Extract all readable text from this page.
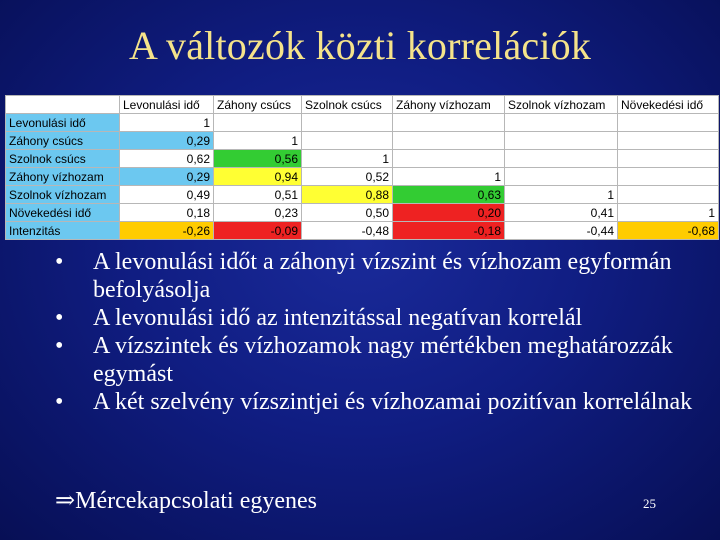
A változók közti korrelációk
	Levonulási idő	Záhony csúcs	Szolnok csúcs	Záhony vízhozam	Szolnok vízhozam	Növekedési idő
Levonulási idő	1					
Záhony csúcs	0,29	1				
Szolnok csúcs	0,62	0,56	1			
Záhony vízhozam	0,29	0,94	0,52	1		
Szolnok vízhozam	0,49	0,51	0,88	0,63	1	
Növekedési idő	0,18	0,23	0,50	0,20	0,41	1
Intenzitás	-0,26	-0,09	-0,48	-0,18	-0,44	-0,68
• A levonulási időt a záhonyi vízszint és vízhozam egyformán befolyásolja
• A levonulási idő az intenzitással negatívan korrelál
• A vízszintek és vízhozamok nagy mértékben meghatározzák egymást
• A két szelvény vízszintjei és vízhozamai pozitívan korrelálnak
⇒Mércekapcsolati egyenes	25
